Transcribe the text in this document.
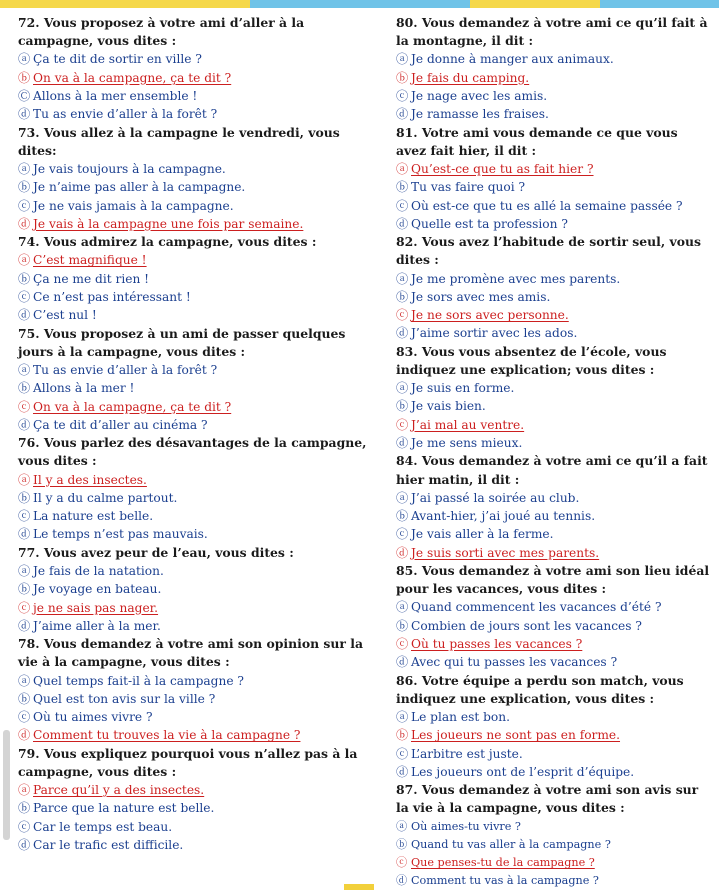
72. Vous proposez à votre ami d’aller à la campagne, vous dites :
ⓐ Ça te dit de sortir en ville ?
ⓑ On va à la campagne, ça te dit ?
Ⓒ Allons à la mer ensemble !
ⓓ Tu as envie d’aller à la forêt ?
73. Vous allez à la campagne le vendredi, vous dites:
ⓐ Je vais toujours à la campagne.
ⓑ Je n’aime pas aller à la campagne.
ⓒ Je ne vais jamais à la campagne.
ⓓ Je vais à la campagne une fois par semaine.
74. Vous admirez la campagne, vous dites :
ⓐ C’est magnifique !
ⓑ Ça ne me dit rien !
ⓒ Ce n’est pas intéressant !
ⓓ C’est nul !
75. Vous proposez à un ami de passer quelques jours à la campagne, vous dites :
ⓐ Tu as envie d’aller à la forêt ?
ⓑ Allons à la mer !
ⓒ On va à la campagne, ça te dit ?
ⓓ Ça te dit d’aller au cinéma ?
76. Vous parlez des désavantages de la campagne, vous dites :
ⓐ Il y a des insectes.
ⓑ Il y a du calme partout.
ⓒ La nature est belle.
ⓓ Le temps n’est pas mauvais.
77. Vous avez peur de l’eau, vous dites :
ⓐ Je fais de la natation.
ⓑ Je voyage en bateau.
ⓒ je ne sais pas nager.
ⓓ J’aime aller à la mer.
78. Vous demandez à votre ami son opinion sur la vie à la campagne, vous dites :
ⓐ Quel temps fait-il à la campagne ?
ⓑ Quel est ton avis sur la ville ?
ⓒ Où tu aimes vivre ?
ⓓ Comment tu trouves la vie à la campagne ?
79. Vous expliquez pourquoi vous n’allez pas à la campagne, vous dites :
ⓐ Parce qu’il y a des insectes.
ⓑ Parce que la nature est belle.
ⓒ Car le temps est beau.
ⓓ Car le trafic est difficile.
80. Vous demandez à votre ami ce qu’il fait à la montagne, il dit :
ⓐ Je donne à manger aux animaux.
ⓑ Je fais du camping.
ⓒ Je nage avec les amis.
ⓓ Je ramasse les fraises.
81. Votre ami vous demande ce que vous avez fait hier, il dit :
ⓐ Qu’est-ce que tu as fait hier ?
ⓑ Tu vas faire quoi ?
ⓒ Où est-ce que tu es allé la semaine passée ?
ⓓ Quelle est ta profession ?
82. Vous avez l’habitude de sortir seul, vous dites :
ⓐ Je me promène avec mes parents.
ⓑ Je sors avec mes amis.
ⓒ Je ne sors avec personne.
ⓓ J’aime sortir avec les ados.
83. Vous vous absentez de l’école, vous indiquez une explication; vous dites :
ⓐ Je suis en forme.
ⓑ Je vais bien.
ⓒ J’ai mal au ventre.
ⓓ Je me sens mieux.
84. Vous demandez à votre ami ce qu’il a fait hier matin, il dit :
ⓐ J’ai passé la soirée au club.
ⓑ Avant-hier, j’ai joué au tennis.
ⓒ Je vais aller à la ferme.
ⓓ Je suis sorti avec mes parents.
85. Vous demandez à votre ami son lieu idéal pour les vacances, vous dites :
ⓐ Quand commencent les vacances d’été ?
ⓑ Combien de jours sont les vacances ?
ⓒ Où tu passes les vacances ?
ⓓ Avec qui tu passes les vacances ?
86. Votre équipe a perdu son match, vous indiquez une explication, vous dites :
ⓐ Le plan est bon.
ⓑ Les joueurs ne sont pas en forme.
ⓒ L’arbitre est juste.
ⓓ Les joueurs ont de l’esprit d’équipe.
87. Vous demandez à votre ami son avis sur la vie à la campagne, vous dites :
ⓐ Où aimes-tu vivre ?
ⓑ Quand tu vas aller à la campagne ?
ⓒ Que penses-tu de la campagne ?
ⓓ Comment tu vas à la campagne ?
